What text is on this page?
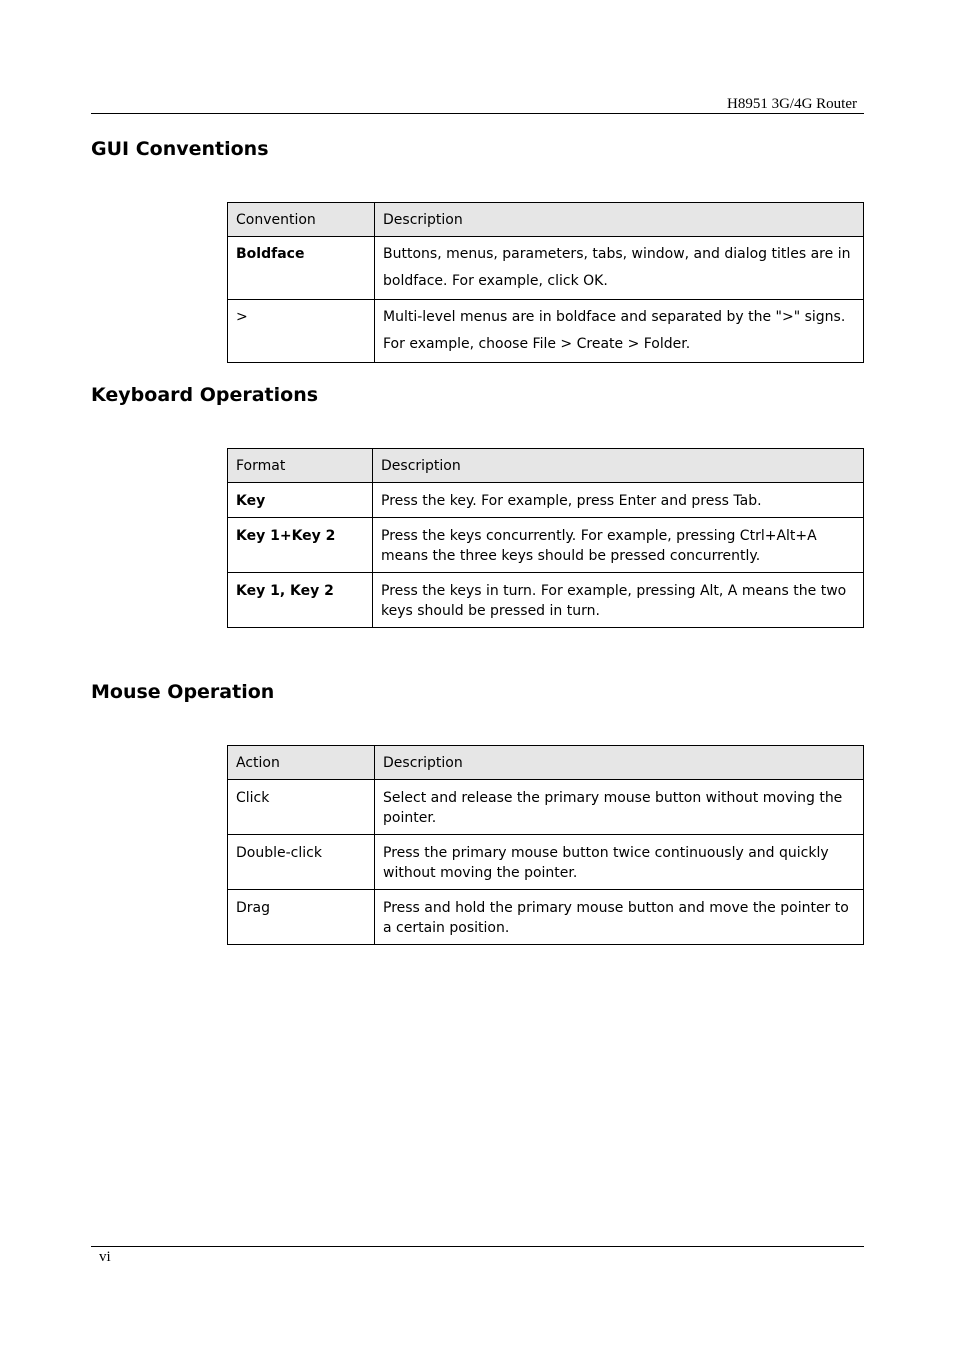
H8951 3G/4G Router
GUI Conventions
Convention	Description
Boldface	Buttons, menus, parameters, tabs, window, and dialog titles are in boldface. For example, click OK.
>	Multi-level menus are in boldface and separated by the ">" signs. For example, choose File > Create > Folder.
Keyboard Operations
Format	Description
Key	Press the key. For example, press Enter and press Tab.
Key 1+Key 2	Press the keys concurrently. For example, pressing Ctrl+Alt+A means the three keys should be pressed concurrently.
Key 1, Key 2	Press the keys in turn. For example, pressing Alt, A means the two keys should be pressed in turn.
Mouse Operation
Action	Description
Click	Select and release the primary mouse button without moving the pointer.
Double-click	Press the primary mouse button twice continuously and quickly without moving the pointer.
Drag	Press and hold the primary mouse button and move the pointer to a certain position.
vi
